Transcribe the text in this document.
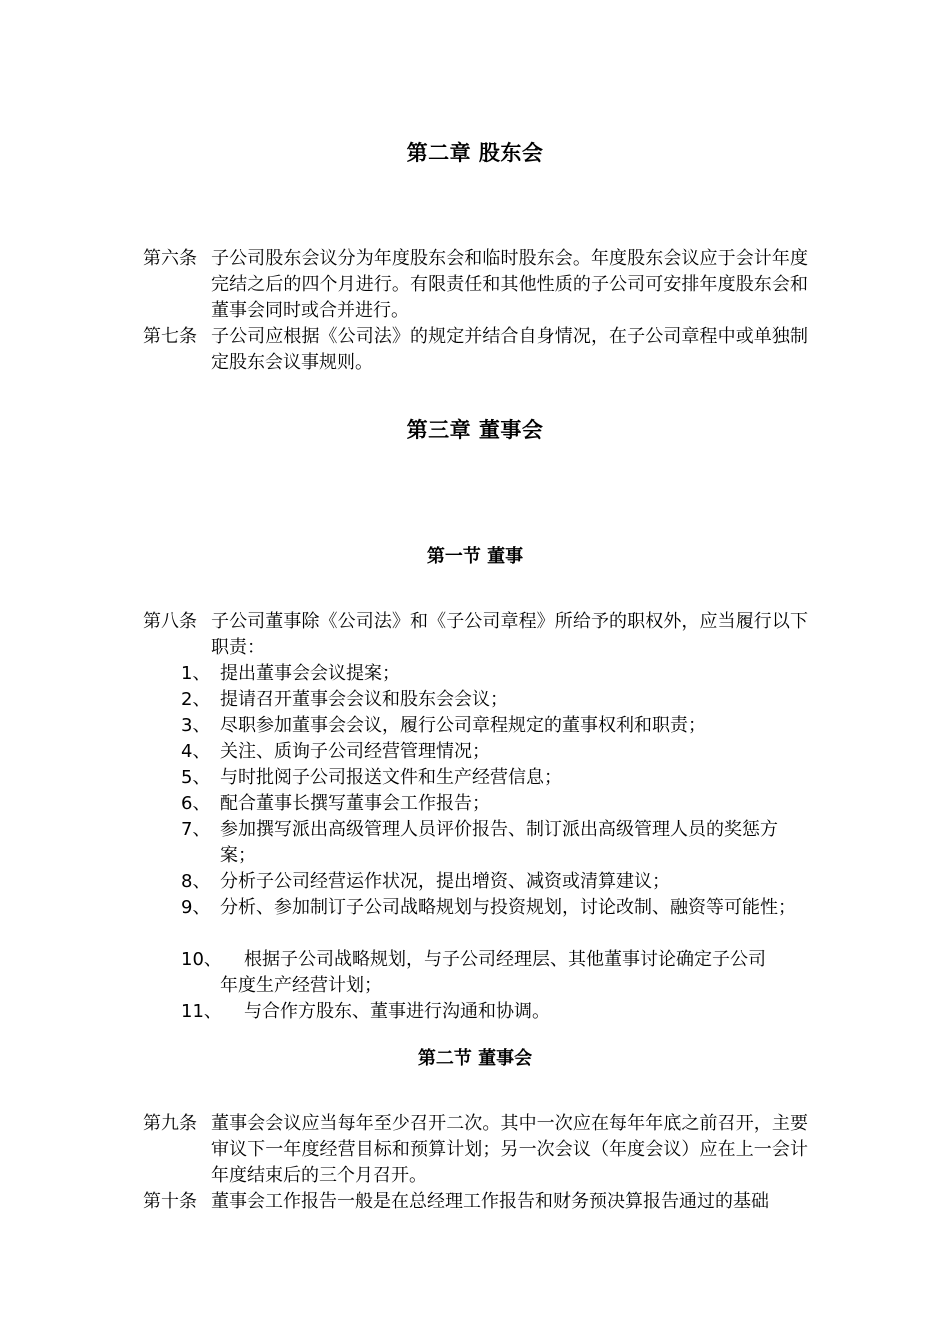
第二章 股东会
第六条 子公司股东会议分为年度股东会和临时股东会。年度股东会议应于会计年度完结之后的四个月进行。有限责任和其他性质的子公司可安排年度股东会和董事会同时或合并进行。
第七条 子公司应根据《公司法》的规定并结合自身情况，在子公司章程中或单独制定股东会议事规则。
第三章 董事会
第一节 董事
第八条 子公司董事除《公司法》和《子公司章程》所给予的职权外，应当履行以下职责：
1、 提出董事会会议提案；
2、 提请召开董事会会议和股东会会议；
3、 尽职参加董事会会议，履行公司章程规定的董事权利和职责；
4、 关注、质询子公司经营管理情况；
5、 与时批阅子公司报送文件和生产经营信息；
6、 配合董事长撰写董事会工作报告；
7、 参加撰写派出高级管理人员评价报告、制订派出高级管理人员的奖惩方案；
8、 分析子公司经营运作状况，提出增资、减资或清算建议；
9、 分析、参加制订子公司战略规划与投资规划，讨论改制、融资等可能性；
10、 根据子公司战略规划，与子公司经理层、其他董事讨论确定子公司
年度生产经营计划；
11、 与合作方股东、董事进行沟通和协调。
第二节 董事会
第九条 董事会会议应当每年至少召开二次。其中一次应在每年年底之前召开，主要审议下一年度经营目标和预算计划；另一次会议（年度会议）应在上一会计年度结束后的三个月召开。
第十条 董事会工作报告一般是在总经理工作报告和财务预决算报告通过的基础
